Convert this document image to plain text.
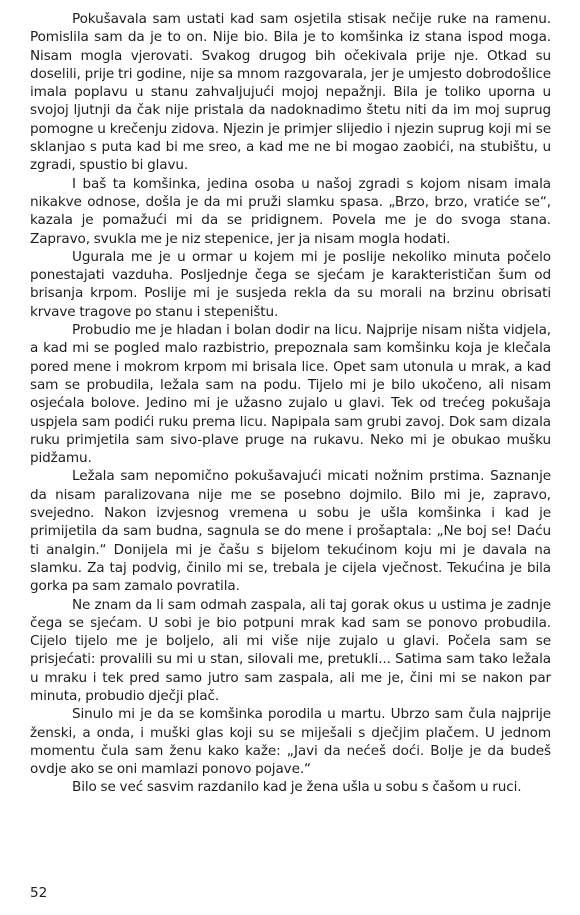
Pokušavala sam ustati kad sam osjetila stisak nečije ruke na ramenu. Pomislila sam da je to on. Nije bio. Bila je to komšinka iz stana ispod moga. Nisam mogla vjerovati. Svakog drugog bih očekivala prije nje. Otkad su doselili, prije tri godine, nije sa mnom razgovarala, jer je umjesto dobrodošlice imala poplavu u stanu zahvaljujući mojoj nepažnji. Bila je toliko uporna u svojoj ljutnji da čak nije pristala da nadoknadimo štetu niti da im moj suprug pomogne u krečenju zidova. Njezin je primjer slijedio i njezin suprug koji mi se sklanjao s puta kad bi me sreo, a kad me ne bi mogao zaobići, na stubištu, u zgradi, spustio bi glavu.

I baš ta komšinka, jedina osoba u našoj zgradi s kojom nisam imala nikakve odnose, došla je da mi pruži slamku spasa. „Brzo, brzo, vratiće se“, kazala je pomažući mi da se pridignem. Povela me je do svoga stana. Zapravo, svukla me je niz stepenice, jer ja nisam mogla hodati.

Ugurala me je u ormar u kojem mi je poslije nekoliko minuta počelo ponestajati vazduha. Posljednje čega se sjećam je karakterističan šum od brisanja krpom. Poslije mi je susjeda rekla da su morali na brzinu obrisati krvave tragove po stanu i stepeništu.

Probudio me je hladan i bolan dodir na licu. Najprije nisam ništa vidjela, a kad mi se pogled malo razbistrio, prepoznala sam komšinku koja je klečala pored mene i mokrom krpom mi brisala lice. Opet sam utonula u mrak, a kad sam se probudila, ležala sam na podu. Tijelo mi je bilo ukočeno, ali nisam osjećala bolove. Jedino mi je užasno zujalo u glavi. Tek od trećeg pokušaja uspjela sam podići ruku prema licu. Napipala sam grubi zavoj. Dok sam dizala ruku primjetila sam sivo-plave pruge na rukavu. Neko mi je obukao mušku pidžamu.

Ležala sam nepomično pokušavajući micati nožnim prstima. Saznanje da nisam paralizovana nije me se posebno dojmilo. Bilo mi je, zapravo, svejedno. Nakon izvjesnog vremena u sobu je ušla komšinka i kad je primijetila da sam budna, sagnula se do mene i prošaptala: „Ne boj se! Daću ti analgin.“ Donijela mi je čašu s bijelom tekućinom koju mi je davala na slamku. Za taj podvig, činilo mi se, trebala je cijela vječnost. Tekućina je bila gorka pa sam zamalo povratila.

Ne znam da li sam odmah zaspala, ali taj gorak okus u ustima je zadnje čega se sjećam. U sobi je bio potpuni mrak kad sam se ponovo probudila. Cijelo tijelo me je boljelo, ali mi više nije zujalo u glavi. Počela sam se prisjećati: provalili su mi u stan, silovali me, pretukli... Satima sam tako ležala u mraku i tek pred samo jutro sam zaspala, ali me je, čini mi se nakon par minuta, probudio dječji plač.

Sinulo mi je da se komšinka porodila u martu. Ubrzo sam čula najprije ženski, a onda, i muški glas koji su se miješali s dječjim plačem. U jednom momentu čula sam ženu kako kaže: „Javi da nećeš doći. Bolje je da budeš ovdje ako se oni mamlazi ponovo pojave.“

Bilo se već sasvim razdanilo kad je žena ušla u sobu s čašom u ruci.

52
